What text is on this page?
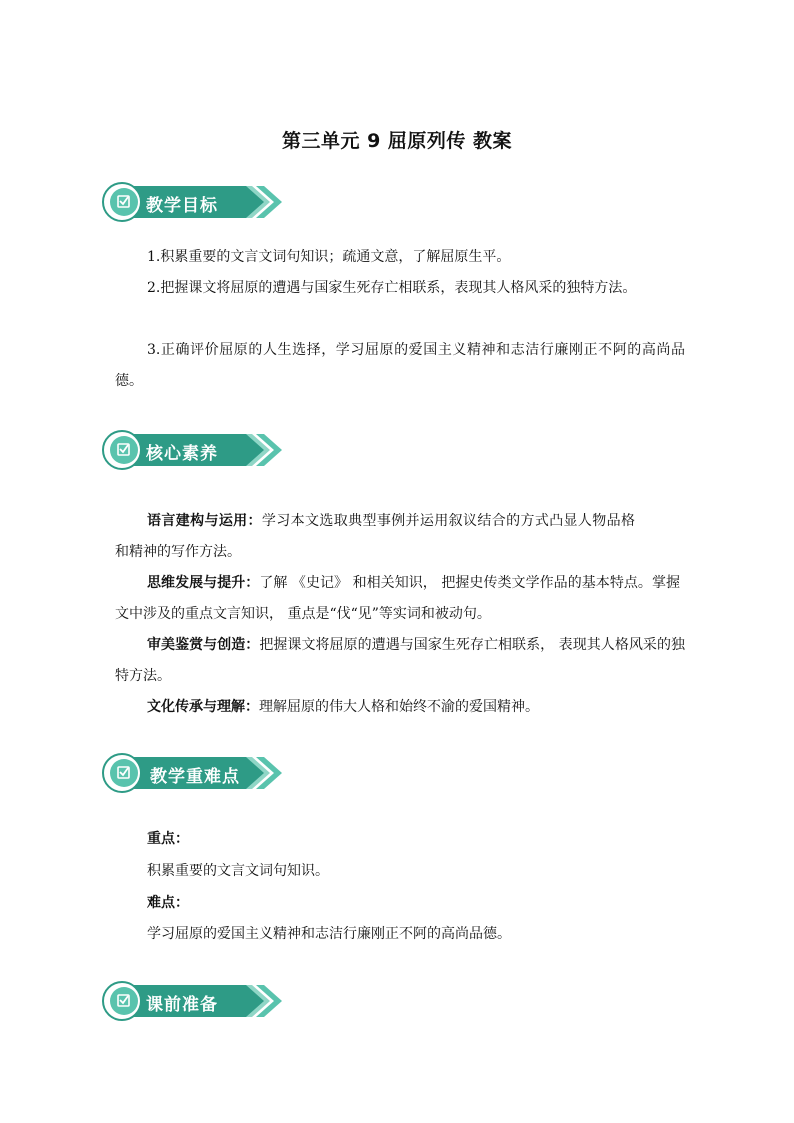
第三单元 9 屈原列传 教案
教学目标
1.积累重要的文言文词句知识；疏通文意，了解屈原生平。
2.把握课文将屈原的遭遇与国家生死存亡相联系，表现其人格风采的独特方法。
3.正确评价屈原的人生选择，学习屈原的爱国主义精神和志洁行廉刚正不阿的高尚品德。
核心素养
语言建构与运用：学习本文选取典型事例并运用叙议结合的方式凸显人物品格和精神的写作方法。
思维发展与提升：了解 《史记》 和相关知识， 把握史传类文学作品的基本特点。掌握文中涉及的重点文言知识， 重点是“伐“见”等实词和被动句。
审美鉴赏与创造：把握课文将屈原的遭遇与国家生死存亡相联系， 表现其人格风采的独特方法。
文化传承与理解：理解屈原的伟大人格和始终不渝的爱国精神。
教学重难点
重点：
积累重要的文言文词句知识。
难点：
学习屈原的爱国主义精神和志洁行廉刚正不阿的高尚品德。
课前准备
